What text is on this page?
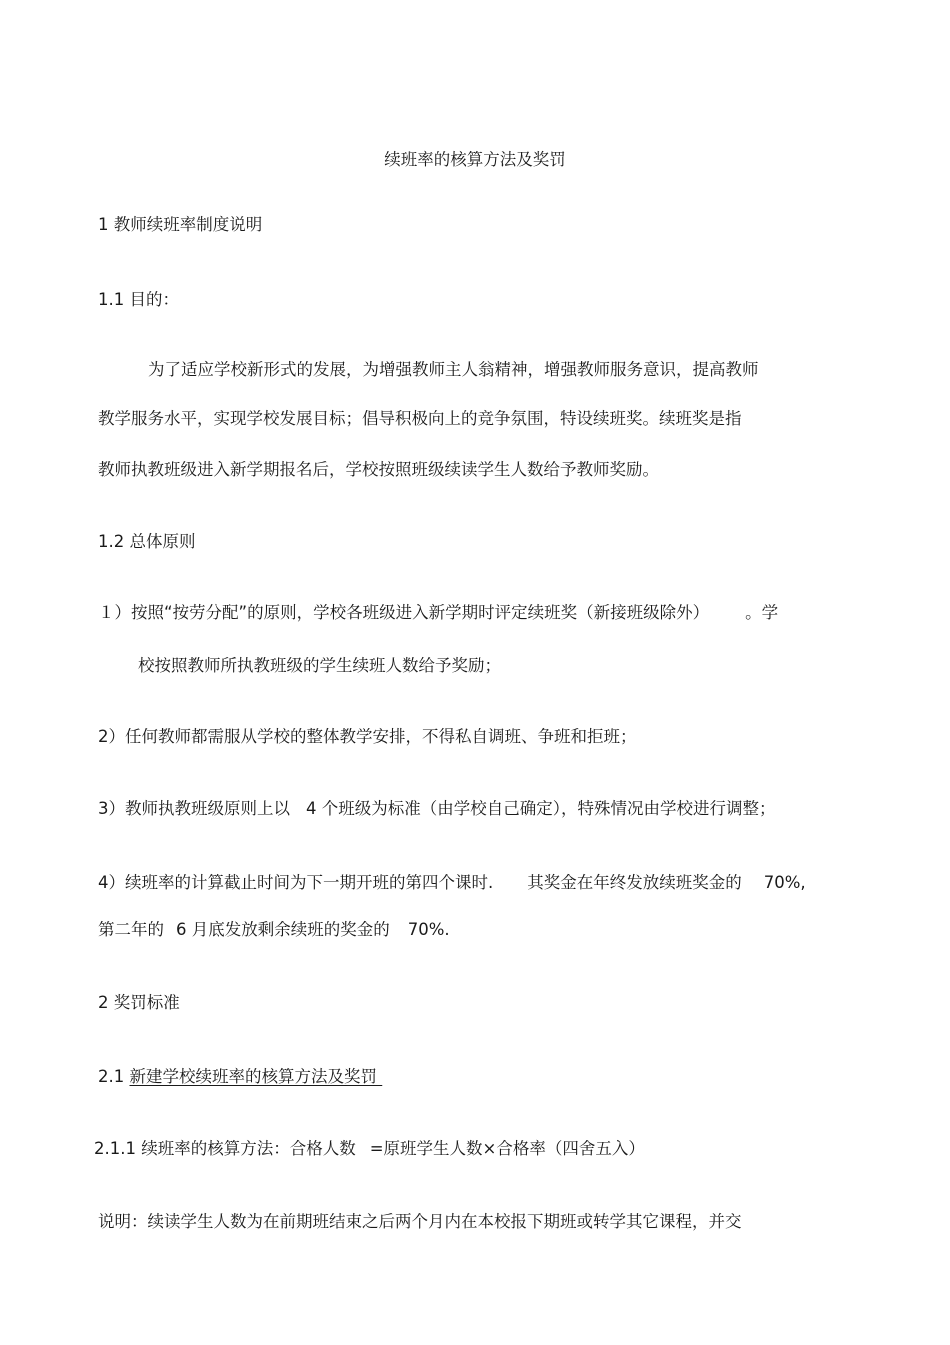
续班率的核算方法及奖罚
1 教师续班率制度说明
1.1 目的：
为了适应学校新形式的发展，为增强教师主人翁精神，增强教师服务意识，提高教师
教学服务水平，实现学校发展目标；倡导积极向上的竞争氛围，特设续班奖。续班奖是指
教师执教班级进入新学期报名后，学校按照班级续读学生人数给予教师奖励。
1.2 总体原则
１）按照“按劳分配”的原则，学校各班级进入新学期时评定续班奖（新接班级除外） 。学
校按照教师所执教班级的学生续班人数给予奖励；
2）任何教师都需服从学校的整体教学安排，不得私自调班、争班和拒班；
3）教师执教班级原则上以 4 个班级为标准（由学校自己确定），特殊情况由学校进行调整；
4）续班率的计算截止时间为下一期开班的第四个课时. 其奖金在年终发放续班奖金的 70%,
第二年的 6 月底发放剩余续班的奖金的 70%.
2 奖罚标准
2.1 新建学校续班率的核算方法及奖罚
2.1.1 续班率的核算方法：合格人数 =原班学生人数×合格率（四舍五入）
说明：续读学生人数为在前期班结束之后两个月内在本校报下期班或转学其它课程，并交
